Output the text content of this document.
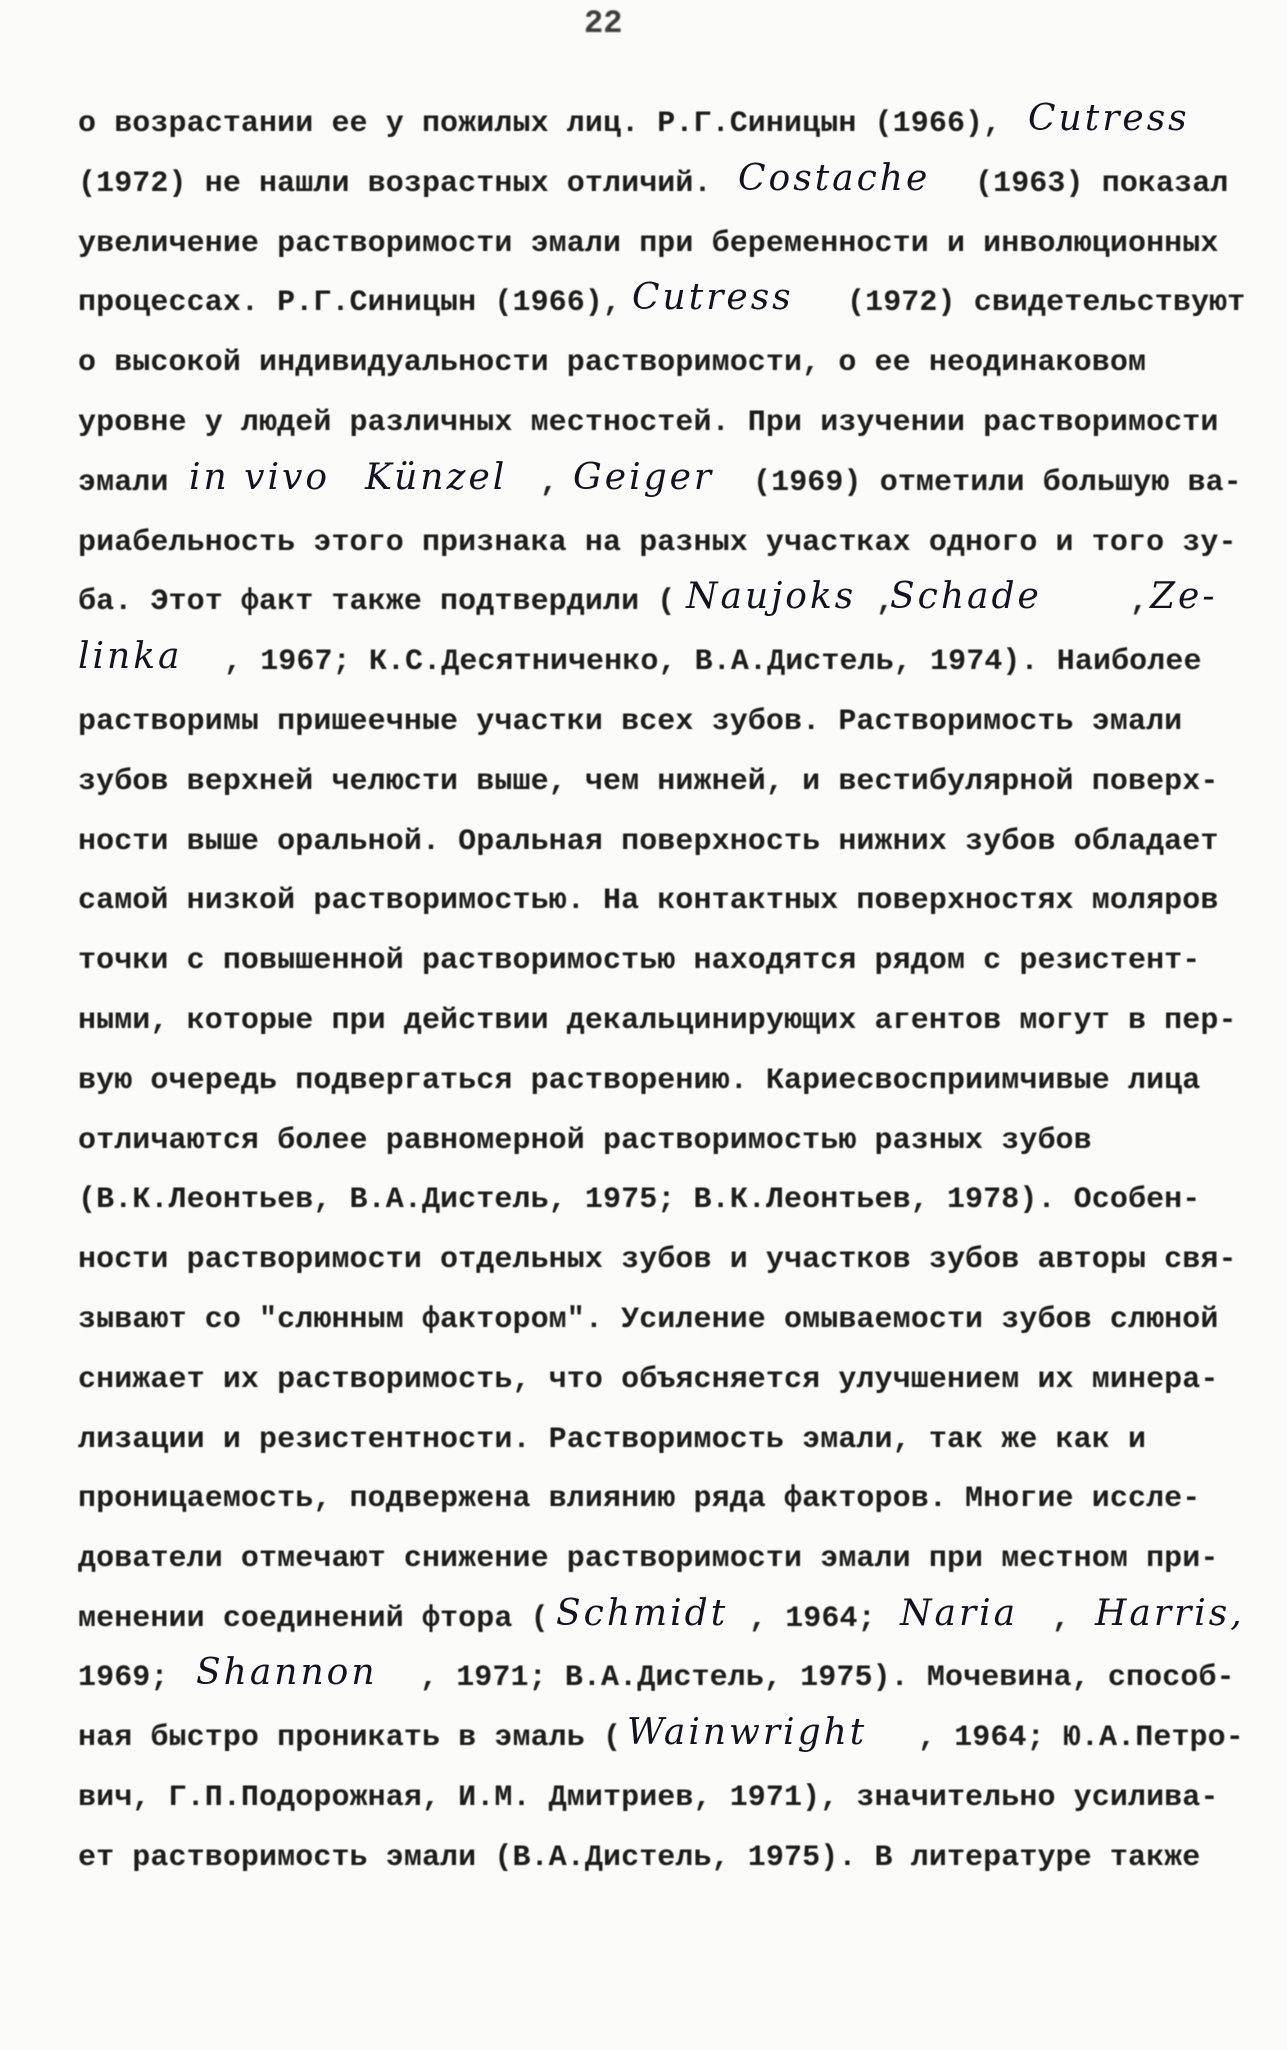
22
о возрастании ее у пожилых лиц. Р.Г.Синицын (1966), Cutress
(1972) не нашли возрастных отличий. Costache (1963) показал
увеличение растворимости эмали при беременности и инволюционных
процессах. Р.Г.Синицын (1966), Cutress (1972) свидетельствуют
о высокой индивидуальности растворимости, о ее неодинаковом
уровне у людей различных местностей. При изучении растворимости
эмали in vivo Künzel , Geiger (1969) отметили большую ва-
риабельность этого признака на разных участках одного и того зу-
ба. Этот факт также подтвердили ( Naujoks ,
Schade	, Ze-
linka , 1967; К.С.Десятниченко, В.А.Дистель, 1974). Наиболее
растворимы пришеечные участки всех зубов. Растворимость эмали
зубов верхней челюсти выше, чем нижней, и вестибулярной поверх-
ности выше оральной. Оральная поверхность нижних зубов обладает
самой низкой растворимостью. На контактных поверхностях моляров
точки с повышенной растворимостью находятся рядом с резистент-
ными, которые при действии декальцинирующих агентов могут в пер-
вую очередь подвергаться растворению. Кариесвосприимчивые лица
отличаются более равномерной растворимостью разных зубов
(В.К.Леонтьев, В.А.Дистель, 1975; В.К.Леонтьев, 1978). Особен-
ности растворимости отдельных зубов и участков зубов авторы свя-
зывают со "слюнным фактором". Усиление омываемости зубов слюной
снижает их растворимость, что объясняется улучшением их минера-
лизации и резистентности. Растворимость эмали, так же как и
проницаемость, подвержена влиянию ряда факторов. Многие иссле-
дователи отмечают снижение растворимости эмали при местном при-
менении соединений фтора ( Schmidt , 1964; Naria , Harris,
1969; Shannon , 1971; В.А.Дистель, 1975). Мочевина, способ-
ная быстро проникать в эмаль ( Wainwright , 1964; Ю.А.Петро-
вич, Г.П.Подорожная, И.М. Дмитриев, 1971), значительно усилива-
ет растворимость эмали (В.А.Дистель, 1975). В литературе также
